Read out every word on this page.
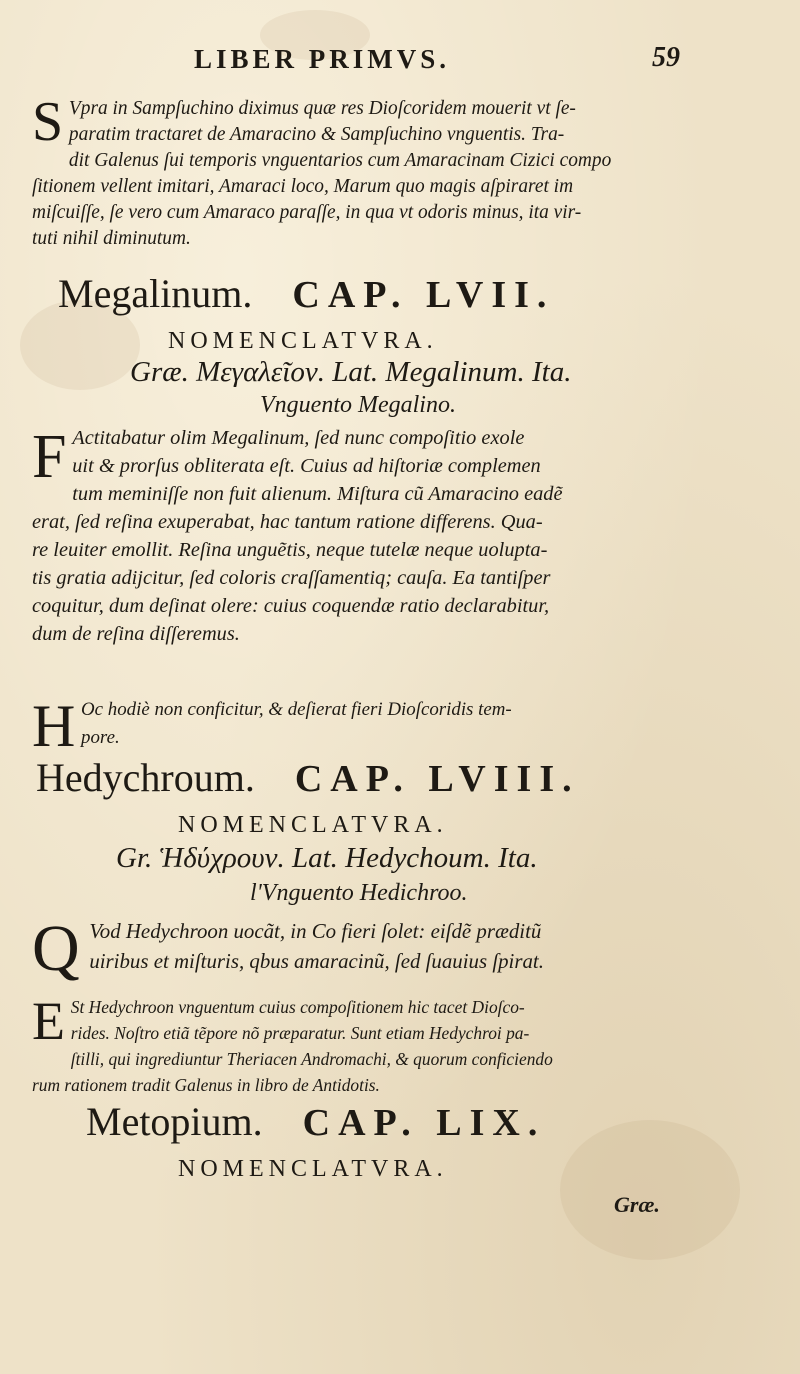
LIBER PRIMVS.	59
S Vpra in Sampſuchino diximus quæ res Dioſcoridem mouerit vt ſe-
paratim tractaret de Amaracino & Sampſuchino vnguentis. Tra-
dit Galenus ſui temporis vnguentarios cum Amaracinam Cizici compo
ſitionem vellent imitari, Amaraci loco, Marum quo magis aſpiraret im
miſcuiſſe, ſe vero cum Amaraco paraſſe, in qua vt odoris minus, ita vir-
tuti nihil diminutum.
Megalinum. CAP. LVII.
NOMENCLATVRA.
Græ. Μεγαλεῖον. Lat. Megalinum. Ita.
Vnguento Megalino.
F Actitabatur olim Megalinum, ſed nunc compoſitio exole
uit & prorſus obliterata eſt. Cuius ad hiſtoriæ complemen
tum meminiſſe non fuit alienum. Miſtura cũ Amaracino eadẽ
erat, ſed reſina exuperabat, hac tantum ratione differens. Qua-
re leuiter emollit. Reſina unguẽtis, neque tutelæ neque uolupta-
tis gratia adijcitur, ſed coloris craſſamentiq; cauſa. Ea tantiſper
coquitur, dum deſinat olere: cuius coquendæ ratio declarabitur,
dum de reſina diſſeremus.
H Oc hodiè non conficitur, & deſierat fieri Dioſcoridis tem-
pore.
Hedychroum. CAP. LVIII.
NOMENCLATVRA.
Gr. Ἡδύχρουν. Lat. Hedychoum. Ita.
l'Vnguento Hedichroo.
Q Vod Hedychroon uocãt, in Co fieri ſolet: eiſdẽ præditũ
uiribus et miſturis, qbus amaracinũ, ſed ſuauius ſpirat.
E St Hedychroon vnguentum cuius compoſitionem hic tacet Dioſco-
rides. Noſtro etiã tẽpore nõ præparatur. Sunt etiam Hedychroi pa-
ſtilli, qui ingrediuntur Theriacen Andromachi, & quorum conficiendo
rum rationem tradit Galenus in libro de Antidotis.
Metopium. CAP. LIX.
NOMENCLATVRA.
Græ.
